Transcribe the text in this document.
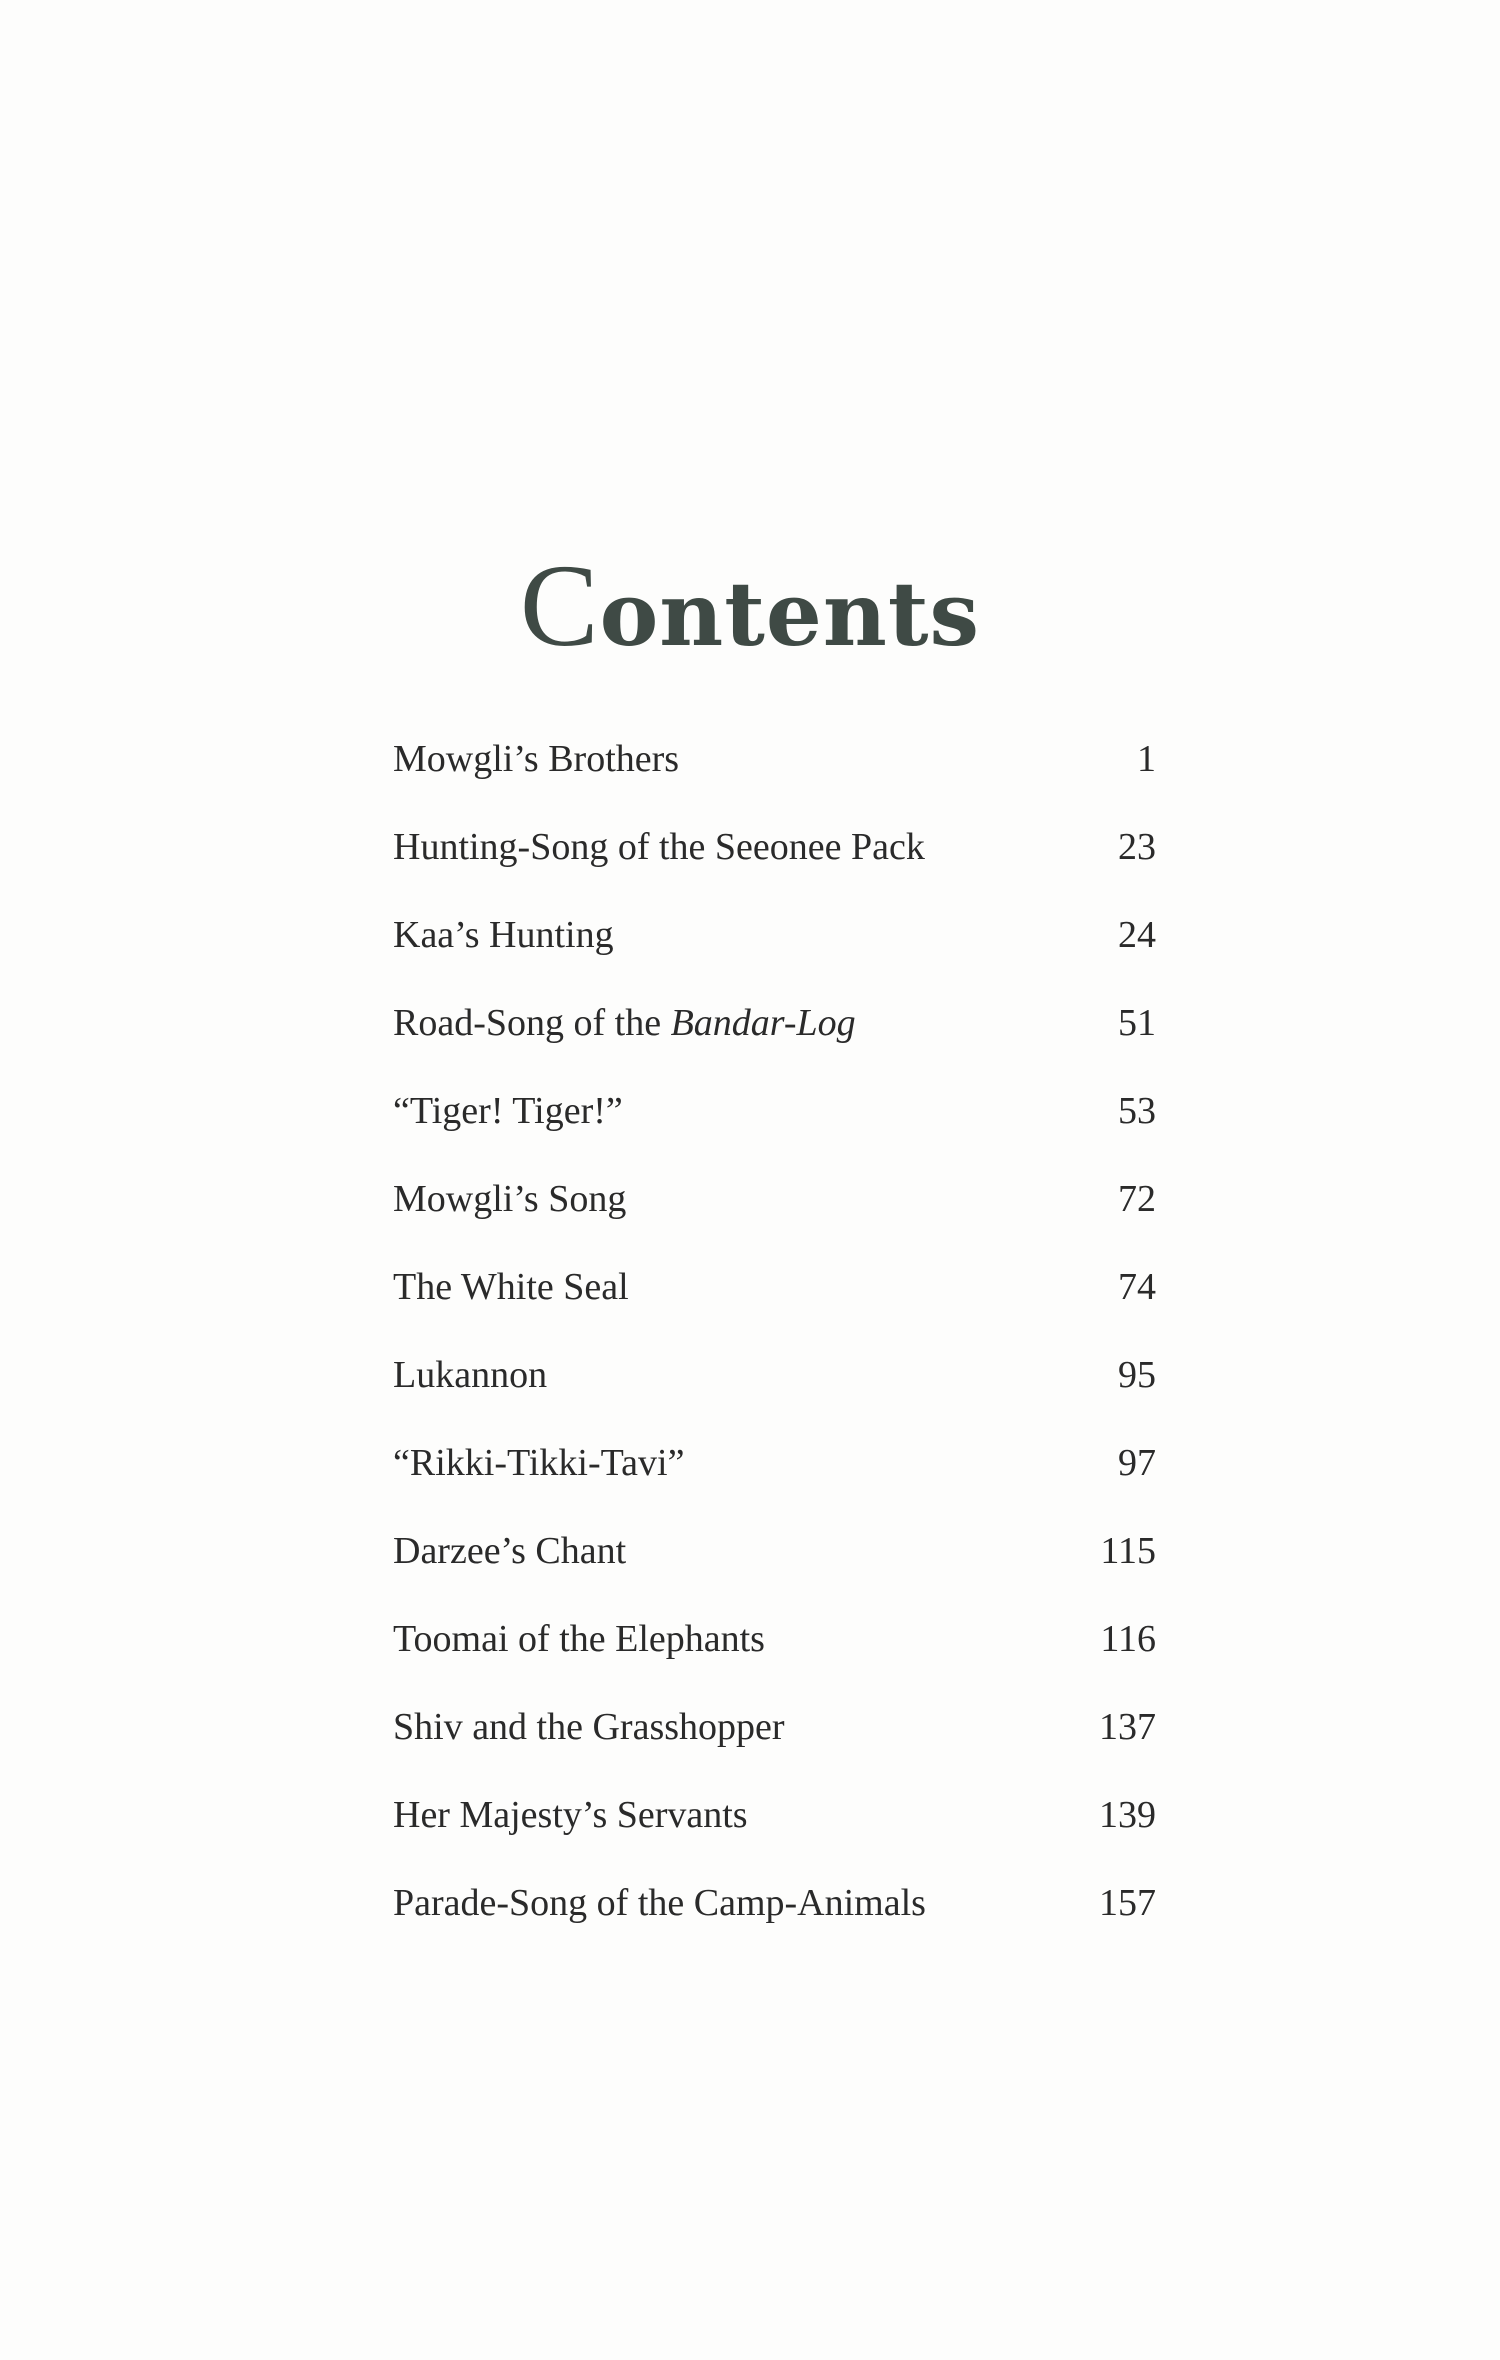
Contents
Mowgli’s Brothers	1
Hunting-Song of the Seeonee Pack	23
Kaa’s Hunting	24
Road-Song of the Bandar-Log	51
“Tiger! Tiger!”	53
Mowgli’s Song	72
The White Seal	74
Lukannon	95
“Rikki-Tikki-Tavi”	97
Darzee’s Chant	115
Toomai of the Elephants	116
Shiv and the Grasshopper	137
Her Majesty’s Servants	139
Parade-Song of the Camp-Animals	157
